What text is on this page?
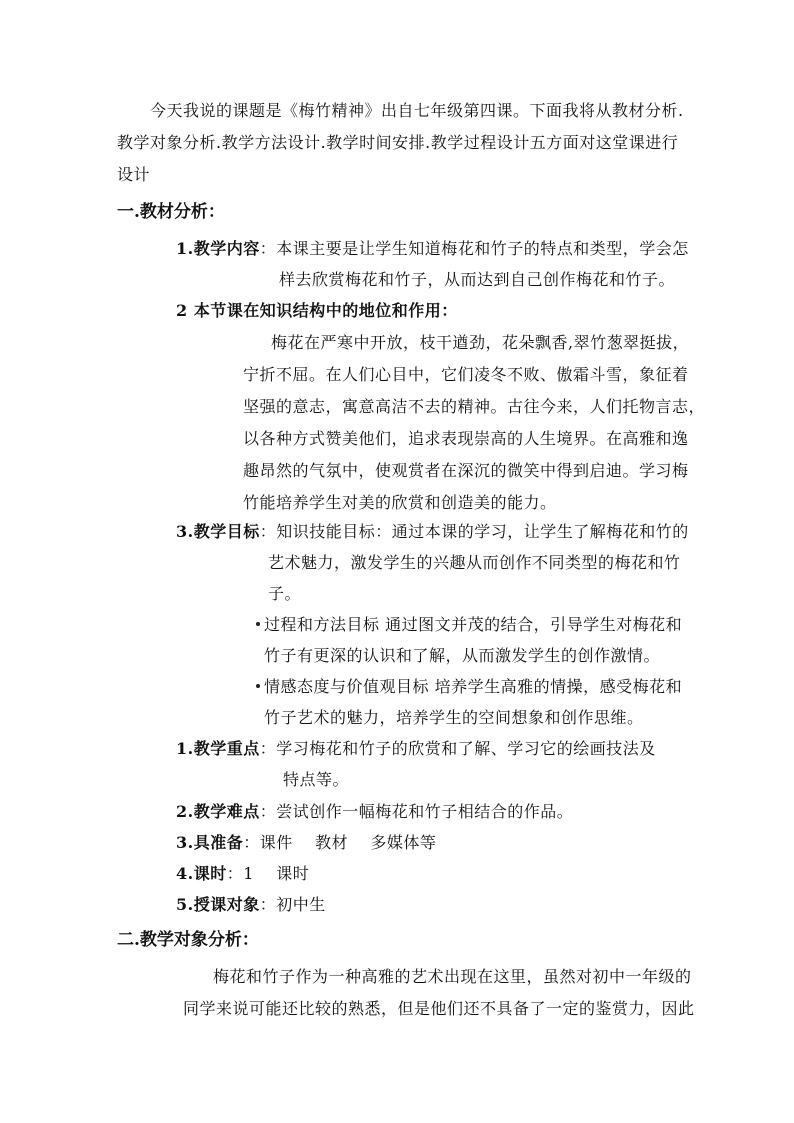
今天我说的课题是《梅竹精神》出自七年级第四课。下面我将从教材分析.
教学对象分析.教学方法设计.教学时间安排.教学过程设计五方面对这堂课进行
设计
一.教材分析：
1.教学内容：本课主要是让学生知道梅花和竹子的特点和类型，学会怎
样去欣赏梅花和竹子，从而达到自己创作梅花和竹子。
2 本节课在知识结构中的地位和作用：
梅花在严寒中开放，枝干遒劲，花朵飘香,翠竹葱翠挺拔，
宁折不屈。在人们心目中，它们凌冬不败、傲霜斗雪，象征着
坚强的意志，寓意高洁不去的精神。古往今来，人们托物言志，
以各种方式赞美他们，追求表现崇高的人生境界。在高雅和逸
趣昂然的气氛中，使观赏者在深沉的微笑中得到启迪。学习梅
竹能培养学生对美的欣赏和创造美的能力。
3.教学目标：知识技能目标：通过本课的学习，让学生了解梅花和竹的
艺术魅力，激发学生的兴趣从而创作不同类型的梅花和竹
子。
过程和方法目标 通过图文并茂的结合，引导学生对梅花和
竹子有更深的认识和了解，从而激发学生的创作激情。
情感态度与价值观目标 培养学生高雅的情操，感受梅花和
竹子艺术的魅力，培养学生的空间想象和创作思维。
1.教学重点：学习梅花和竹子的欣赏和了解、学习它的绘画技法及
特点等。
2.教学难点：尝试创作一幅梅花和竹子相结合的作品。
3.具准备：课件    教材    多媒体等
4.课时：1    课时
5.授课对象：初中生
二.教学对象分析：
梅花和竹子作为一种高雅的艺术出现在这里，虽然对初中一年级的
同学来说可能还比较的熟悉，但是他们还不具备了一定的鉴赏力，因此
